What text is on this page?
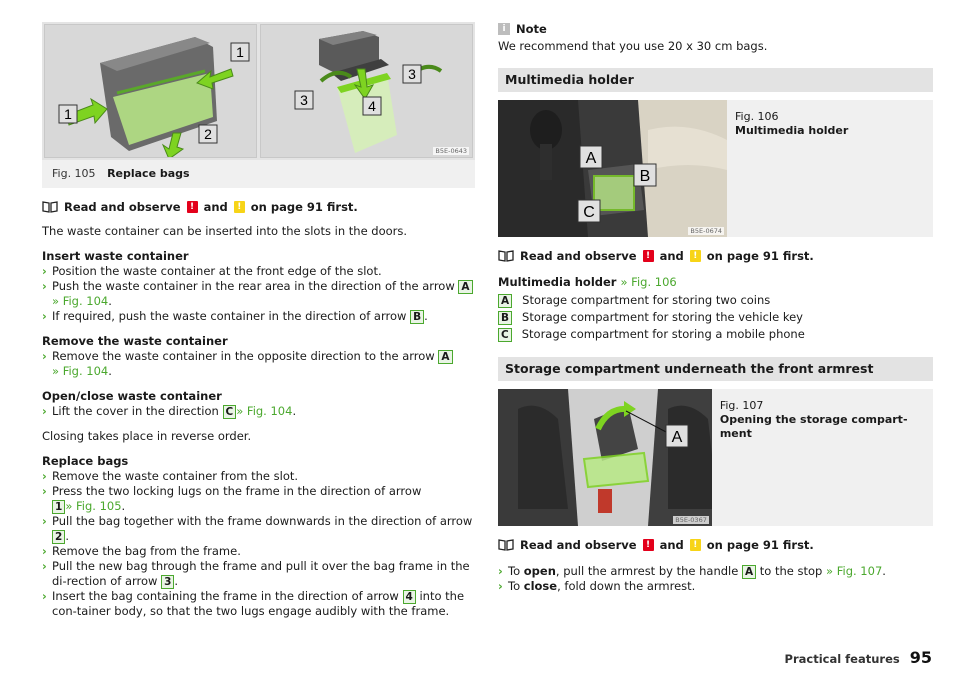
1
1
2
3
3	4
B5E-0643
Fig. 105 Replace bags
Read and observe	! and	! on page 91 first.

The waste container can be inserted into the slots in the doors.

Insert waste container
› Position the waste container at the front edge of the slot.
› Push the waste container in the rear area in the direction of the arrow A
» Fig. 104.
› If required, push the waste container in the direction of arrow B .
Remove the waste container
› Remove the waste container in the opposite direction to the arrow A
» Fig. 104.
Open/close waste container
› Lift the cover in the direction C » Fig. 104.

Closing takes place in reverse order.

Replace bags
› Remove the waste container from the slot.
› Press the two locking lugs on the frame in the direction of arrow
1 » Fig. 105.
› Pull the bag together with the frame downwards in the direction of arrow
2 .
› Remove the bag from the frame.
› Pull the new bag through the frame and pull it over the bag frame in the di-rection of arrow 3 .
› Insert the bag containing the frame in the direction of arrow 4 into the con-tainer body, so that the two lugs engage audibly with the frame.
i Note
We recommend that you use 20 x 30 cm bags.
Multimedia holder
A
B
C
B5E-0674
Fig. 106
Multimedia holder
Read and observe	! and	! on page 91 first.
Multimedia holder » Fig. 106
A Storage compartment for storing two coins
B Storage compartment for storing the vehicle key
C Storage compartment for storing a mobile phone
Storage compartment underneath the front armrest
A
B5E-0367
Fig. 107
Opening the storage compart-ment
Read and observe	! and	! on page 91 first.
› To open, pull the armrest by the handle A to the stop » Fig. 107.
› To close, fold down the armrest.
Practical features 95
